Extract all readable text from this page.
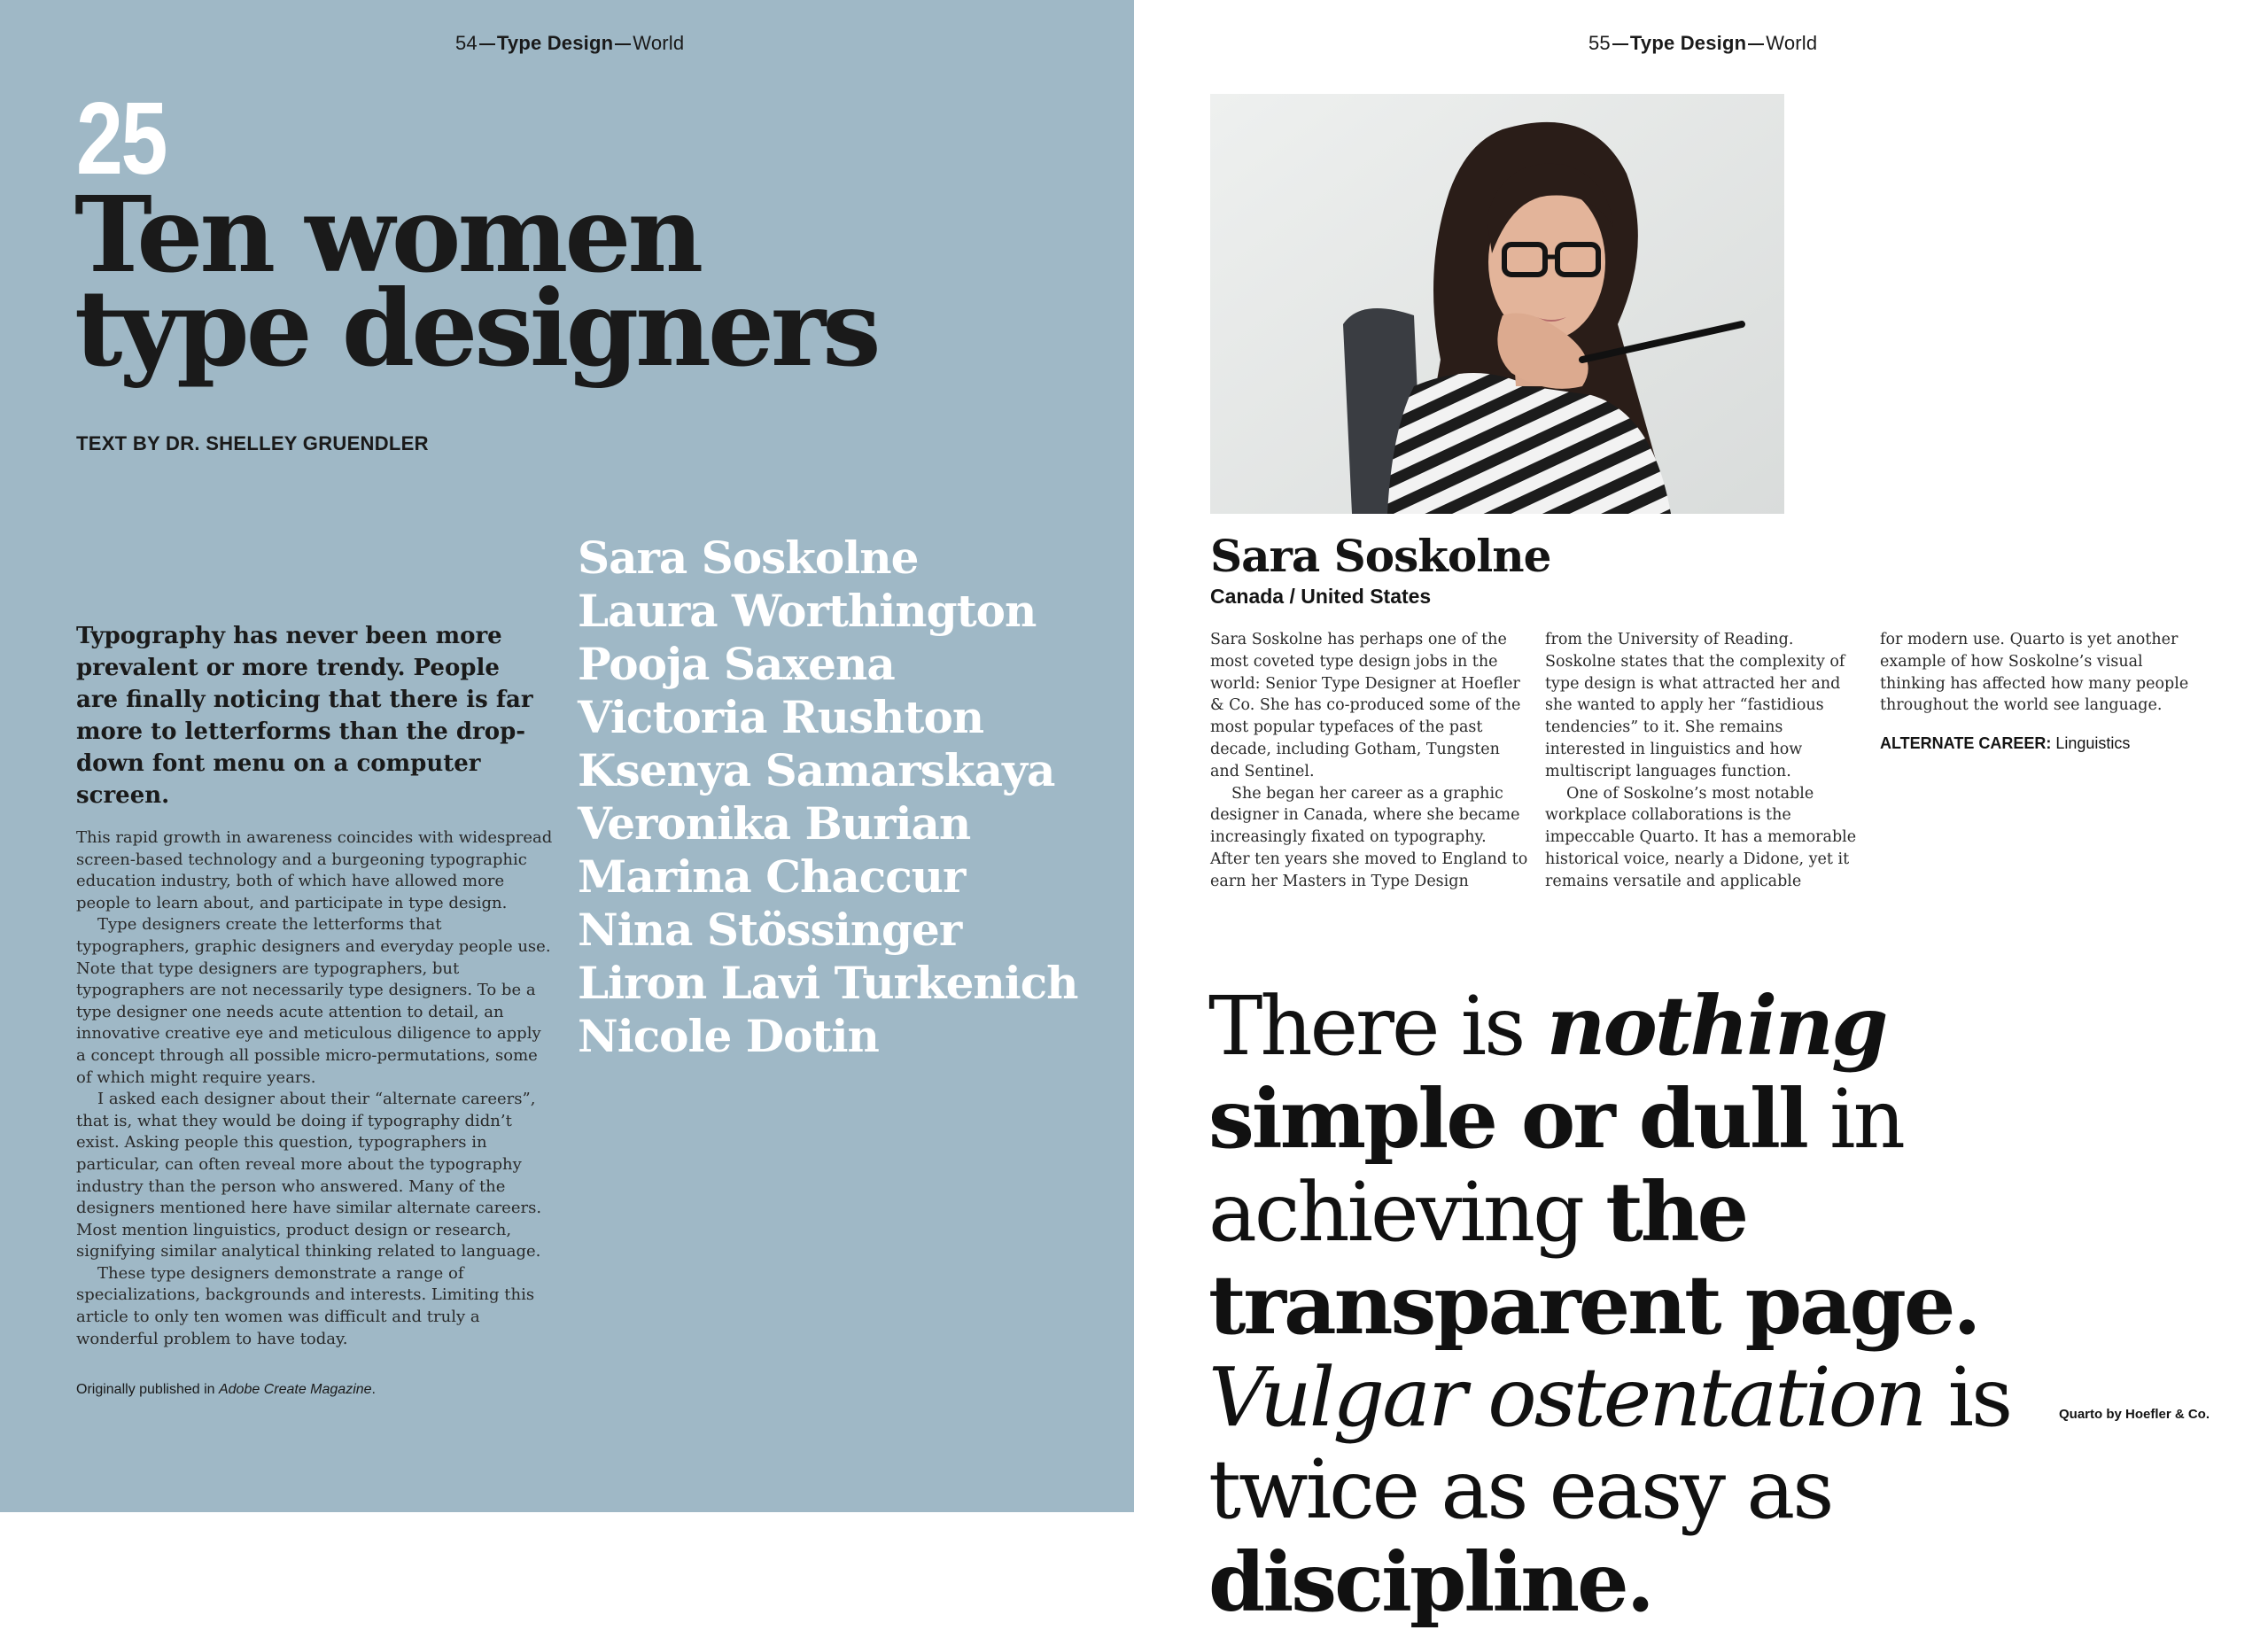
54 Type Design World
25
Ten women
type designers
TEXT BY DR. SHELLEY GRUENDLER
Sara Soskolne
Laura Worthington
Pooja Saxena
Victoria Rushton
Ksenya Samarskaya
Veronika Burian
Marina Chaccur
Nina Stössinger
Liron Lavi Turkenich
Nicole Dotin

Typography has never been more prevalent or more trendy. People are finally noticing that there is far more to letterforms than the drop-down font menu on a computer screen.

This rapid growth in awareness coincides with widespread screen-based technology and a burgeoning typographic education industry, both of which have allowed more people to learn about, and participate in type design.

Type designers create the letterforms that typographers, graphic designers and everyday people use. Note that type designers are typographers, but typographers are not necessarily type designers. To be a type designer one needs acute attention to detail, an innovative creative eye and meticulous diligence to apply a concept through all possible micro-permutations, some of which might require years.

I asked each designer about their “alternate careers”, that is, what they would be doing if typography didn’t exist. Asking people this question, typographers in particular, can often reveal more about the typography industry than the person who answered. Many of the designers mentioned here have similar alternate careers. Most mention linguistics, product design or research, signifying similar analytical thinking related to language.

These type designers demonstrate a range of specializations, backgrounds and interests. Limiting this article to only ten women was difficult and truly a wonderful problem to have today.

Originally published in Adobe Create Magazine.
55 Type Design World
Sara Soskolne
Canada / United States

Sara Soskolne has perhaps one of the most coveted type design jobs in the world: Senior Type Designer at Hoefler & Co. She has co-produced some of the most popular typefaces of the past decade, including Gotham, Tungsten and Sentinel.

She began her career as a graphic designer in Canada, where she became increasingly fixated on typography. After ten years she moved to England to earn her Masters in Type Design

from the University of Reading. Soskolne states that the complexity of type design is what attracted her and she wanted to apply her “fastidious tendencies” to it. She remains interested in linguistics and how multiscript languages function.

One of Soskolne’s most notable workplace collaborations is the impeccable Quarto. It has a memorable historical voice, nearly a Didone, yet it remains versatile and applicable

for modern use. Quarto is yet another example of how Soskolne’s visual thinking has affected how many people throughout the world see language.

ALTERNATE CAREER: Linguistics

There is nothing simple or dull in achieving the transparent page. Vulgar ostentation is twice as easy as discipline.
Quarto by Hoefler & Co.
